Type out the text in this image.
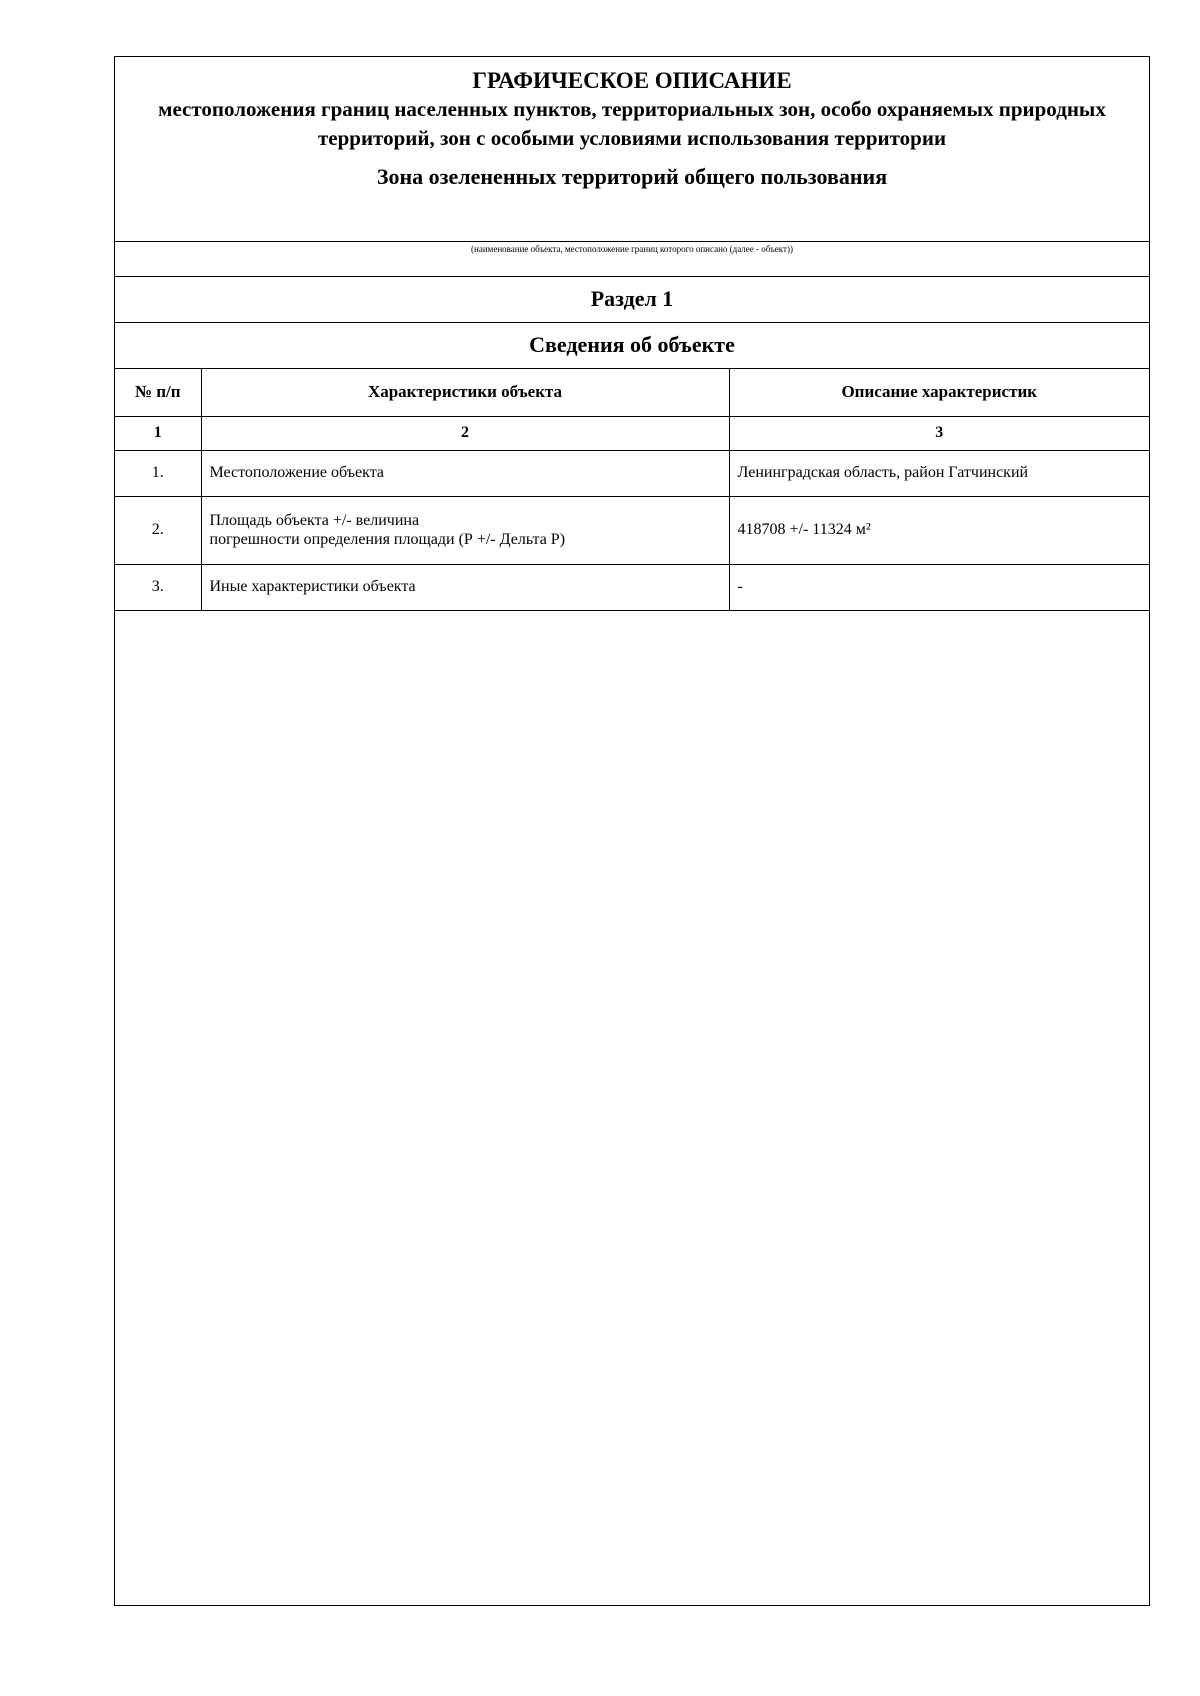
ГРАФИЧЕСКОЕ ОПИСАНИЕ
местоположения границ населенных пунктов, территориальных зон, особо охраняемых природных территорий, зон с особыми условиями использования территории
Зона озелененных территорий общего пользования
(наименование объекта, местоположение границ которого описано (далее - объект))
Раздел 1
Сведения об объекте
№ п/п	Характеристики объекта	Описание характеристик
1	2	3
1.	Местоположение объекта	Ленинградская область, район Гатчинский
2.	Площадь объекта +/- величина
погрешности определения площади (Р +/- Дельта Р)	418708 +/- 11324 м²
3.	Иные характеристики объекта	-
